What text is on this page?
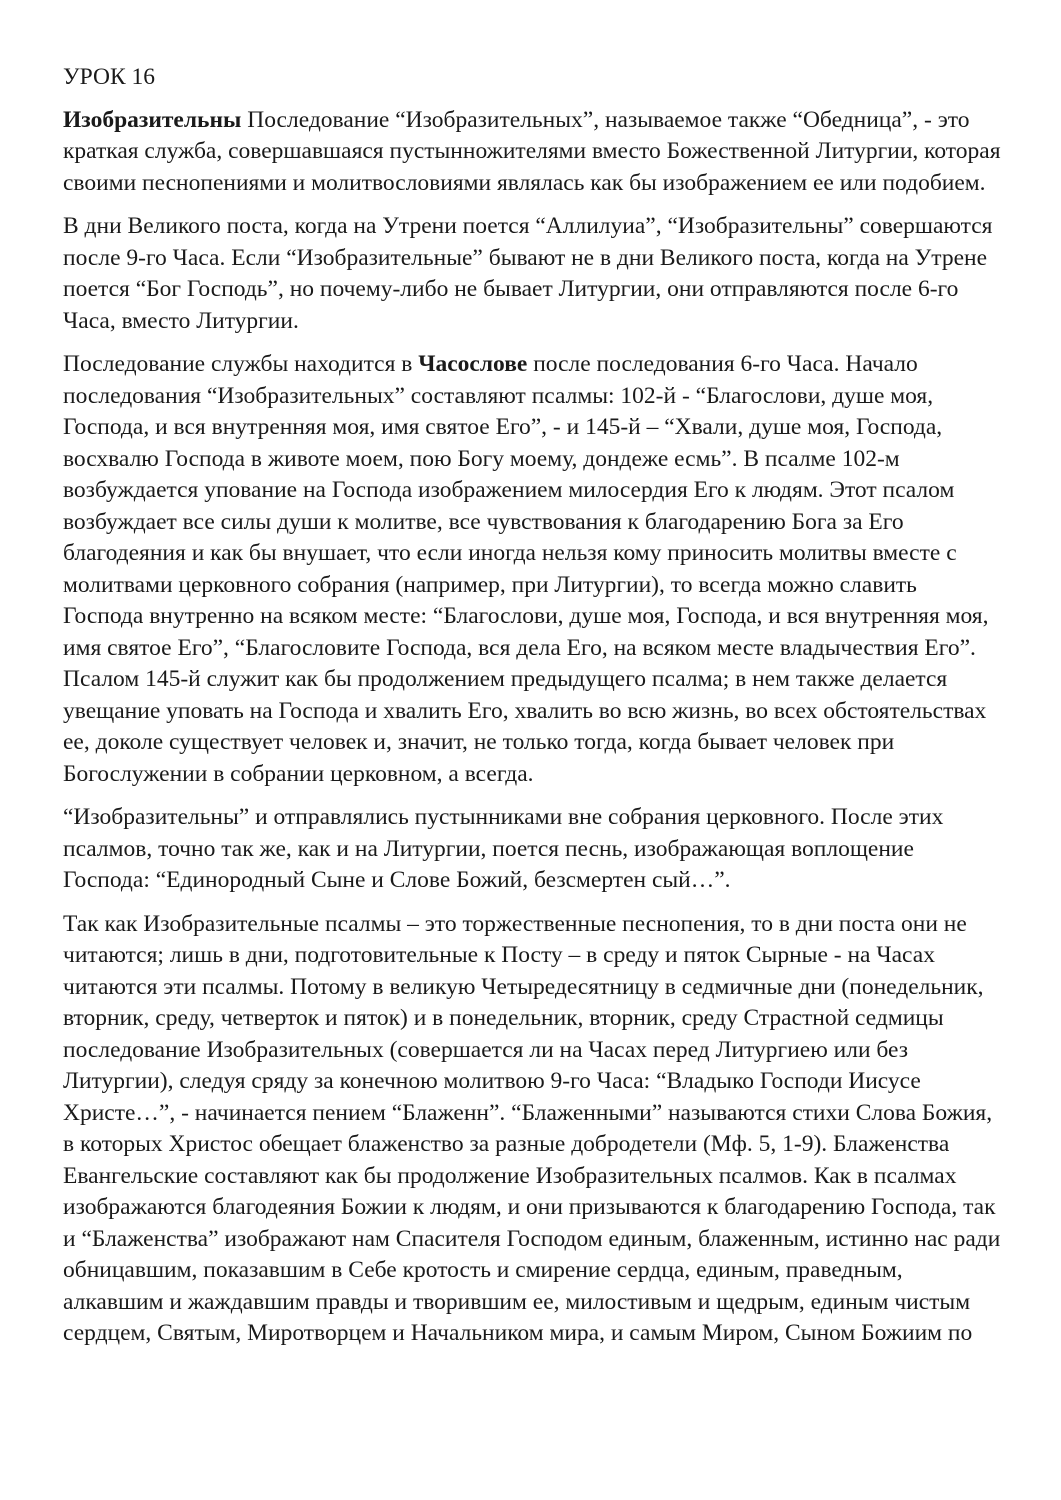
УРОК 16

Изобразительны Последование “Изобразительных”, называемое также “Обедница”, - это краткая служба, совершавшаяся пустынножителями вместо Божественной Литургии, которая своими песнопениями и молитвословиями являлась как бы изображением ее или подобием.

В дни Великого поста, когда на Утрени поется “Аллилуиа”, “Изобразительны” совершаются после 9-го Часа. Если “Изобразительные” бывают не в дни Великого поста, когда на Утрене поется “Бог Господь”, но почему-либо не бывает Литургии, они отправляются после 6-го Часа, вместо Литургии.

Последование службы находится в Часослове после последования 6-го Часа. Начало последования “Изобразительных” составляют псалмы: 102-й - “Благослови, душе моя, Господа, и вся внутренняя моя, имя святое Его”, - и 145-й – “Хвали, душе моя, Господа, восхвалю Господа в животе моем, пою Богу моему, дондеже есмь”. В псалме 102-м возбуждается упование на Господа изображением милосердия Его к людям. Этот псалом возбуждает все силы души к молитве, все чувствования к благодарению Бога за Его благодеяния и как бы внушает, что если иногда нельзя кому приносить молитвы вместе с молитвами церковного собрания (например, при Литургии), то всегда можно славить Господа внутренно на всяком месте: “Благослови, душе моя, Господа, и вся внутренняя моя, имя святое Его”, “Благословите Господа, вся дела Его, на всяком месте владычествия Его”. Псалом 145-й служит как бы продолжением предыдущего псалма; в нем также делается увещание уповать на Господа и хвалить Его, хвалить во всю жизнь, во всех обстоятельствах ее, доколе существует человек и, значит, не только тогда, когда бывает человек при Богослужении в собрании церковном, а всегда.

“Изобразительны” и отправлялись пустынниками вне собрания церковного. После этих псалмов, точно так же, как и на Литургии, поется песнь, изображающая воплощение Господа: “Единородный Сыне и Слове Божий, безсмертен сый…”.

Так как Изобразительные псалмы – это торжественные песнопения, то в дни поста они не читаются; лишь в дни, подготовительные к Посту – в среду и пяток Сырные - на Часах читаются эти псалмы. Потому в великую Четыредесятницу в седмичные дни (понедельник, вторник, среду, четверток и пяток) и в понедельник, вторник, среду Страстной седмицы последование Изобразительных (совершается ли на Часах перед Литургиею или без Литургии), следуя сряду за конечною молитвою 9-го Часа: “Владыко Господи Иисусе Христе…”, - начинается пением “Блаженн”. “Блаженными” называются стихи Слова Божия, в которых Христос обещает блаженство за разные добродетели (Мф. 5, 1-9). Блаженства Евангельские составляют как бы продолжение Изобразительных псалмов. Как в псалмах изображаются благодеяния Божии к людям, и они призываются к благодарению Господа, так и “Блаженства” изображают нам Спасителя Господом единым, блаженным, истинно нас ради обницавшим, показавшим в Себе кротость и смирение сердца, единым, праведным, алкавшим и жаждавшим правды и творившим ее, милостивым и щедрым, единым чистым сердцем, Святым, Миротворцем и Начальником мира, и самым Миром, Сыном Божиим по
